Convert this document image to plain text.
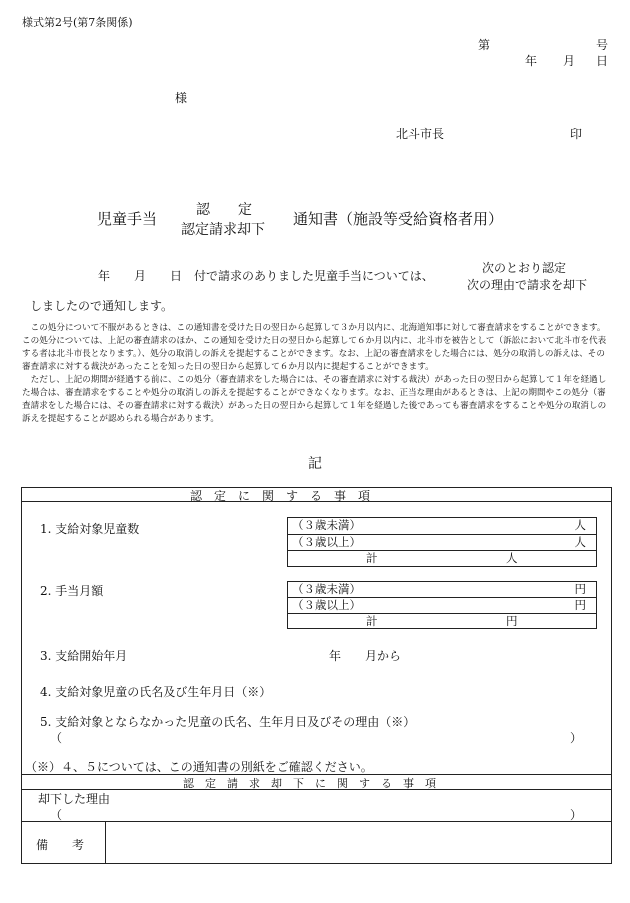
様式第2号(第7条関係)
第	号
年 月 日
様
北斗市長	印
児童手当	認　　定
認定請求却下
通知書（施設等受給資格者用）
年　　月　　日　付で請求のありました児童手当については、
次のとおり認定
次の理由で請求を却下
しましたので通知します。

この処分について不服があるときは、この通知書を受けた日の翌日から起算して３か月以内に、北海道知事に対して審査請求をすることができます。この処分については、上記の審査請求のほか、この通知を受けた日の翌日から起算して６か月以内に、北斗市を被告として（訴訟において北斗市を代表する者は北斗市長となります。）、処分の取消しの訴えを提起することができます。なお、上記の審査請求をした場合には、処分の取消しの訴えは、その審査請求に対する裁決があったことを知った日の翌日から起算して６か月以内に提起することができます。

ただし、上記の期間が経過する前に、この処分（審査請求をした場合には、その審査請求に対する裁決）があった日の翌日から起算して１年を経過した場合は、審査請求をすることや処分の取消しの訴えを提起することができなくなります。なお、正当な理由があるときは、上記の期間やこの処分（審査請求をした場合には、その審査請求に対する裁決）があった日の翌日から起算して１年を経過した後であっても審査請求をすることや処分の取消しの訴えを提起することが認められる場合があります。

記
認　定　に　関　す　る　事　項
1. 支給対象児童数	（３歳未満）	人
（３歳以上）	人
計	人
2. 手当月額	（３歳未満）	円
（３歳以上）	円
計	円
3. 支給開始年月	年　　月から
4. 支給対象児童の氏名及び生年月日（※）
5. 支給対象とならなかった児童の氏名、生年月日及びその理由（※）
（	）
（※）４、５については、この通知書の別紙をご確認ください。
認　定　請　求　却　下　に　関　す　る　事　項
却下した理由
（	）
備　　考
